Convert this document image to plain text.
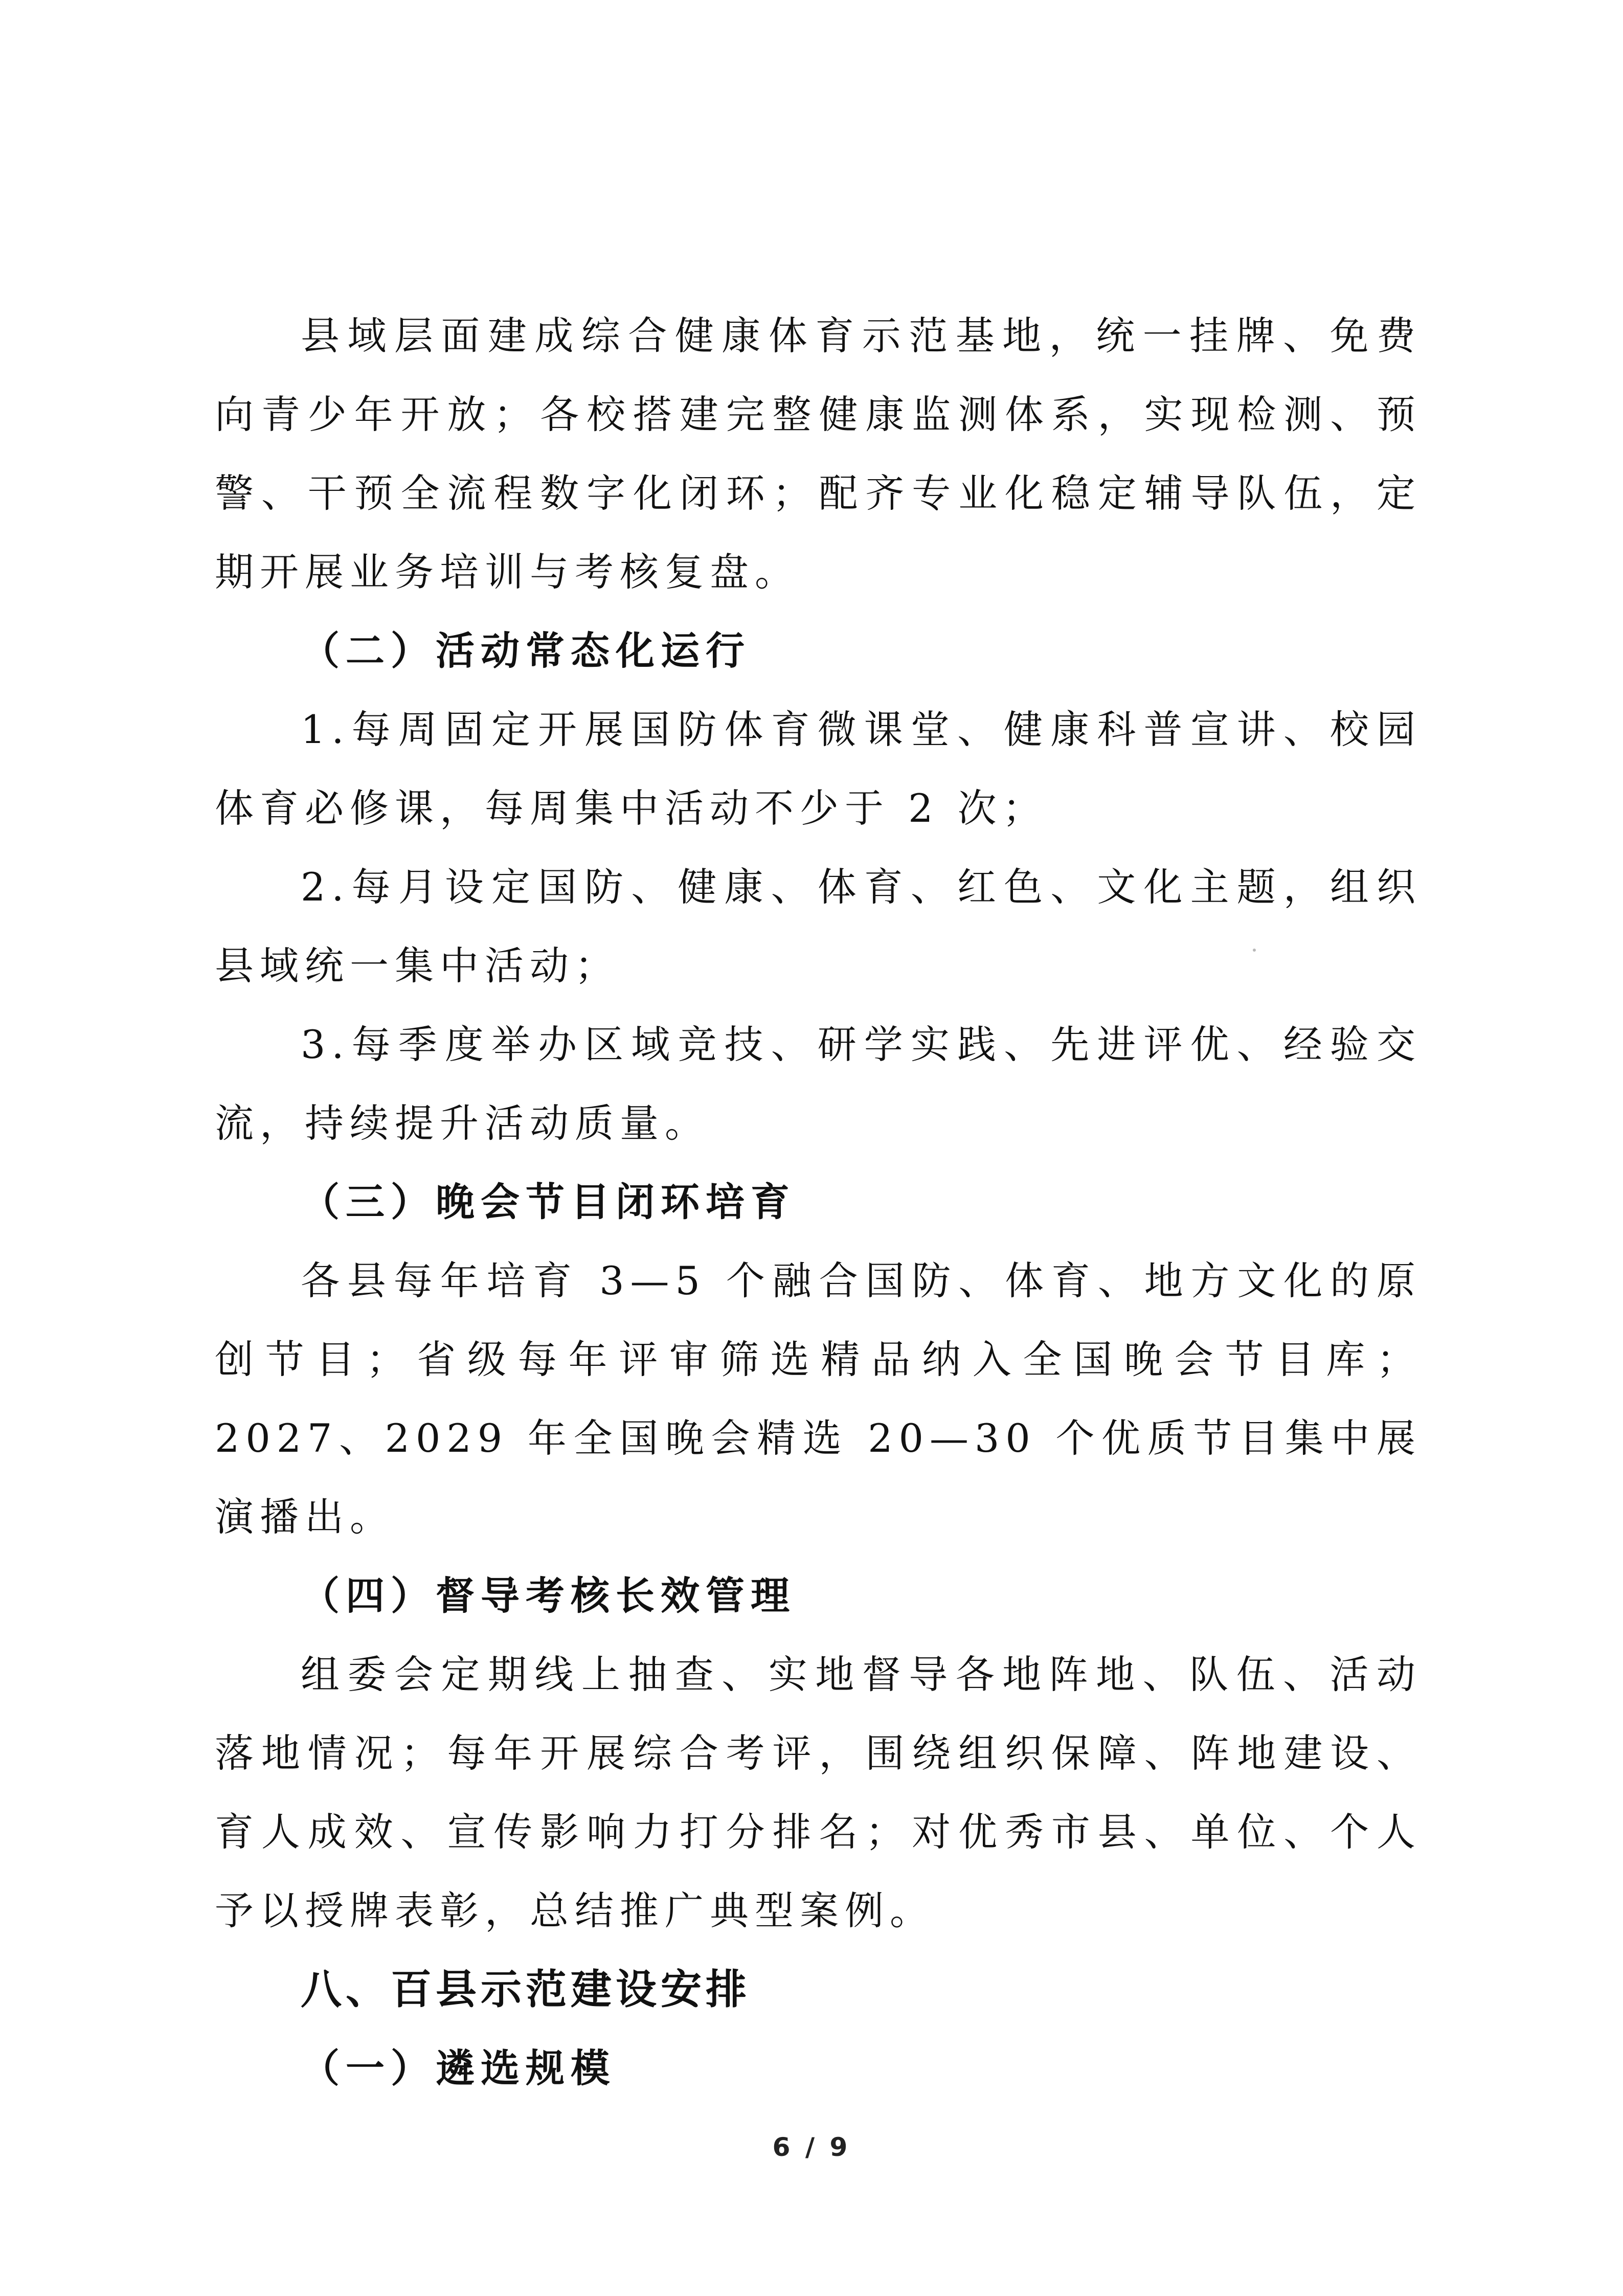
县域层面建成综合健康体育示范基地，统一挂牌、免费向青少年开放；各校搭建完整健康监测体系，实现检测、预警、干预全流程数字化闭环；配齐专业化稳定辅导队伍，定期开展业务培训与考核复盘。

（二）活动常态化运行

1.每周固定开展国防体育微课堂、健康科普宣讲、校园体育必修课，每周集中活动不少于 2 次；

2.每月设定国防、健康、体育、红色、文化主题，组织县域统一集中活动；

3.每季度举办区域竞技、研学实践、先进评优、经验交流，持续提升活动质量。

（三）晚会节目闭环培育

各县每年培育 3—5 个融合国防、体育、地方文化的原创节目；省级每年评审筛选精品纳入全国晚会节目库；2027、2029 年全国晚会精选 20—30 个优质节目集中展演播出。

（四）督导考核长效管理

组委会定期线上抽查、实地督导各地阵地、队伍、活动落地情况；每年开展综合考评，围绕组织保障、阵地建设、育人成效、宣传影响力打分排名；对优秀市县、单位、个人予以授牌表彰，总结推广典型案例。

八、百县示范建设安排

（一）遴选规模

6 / 9
